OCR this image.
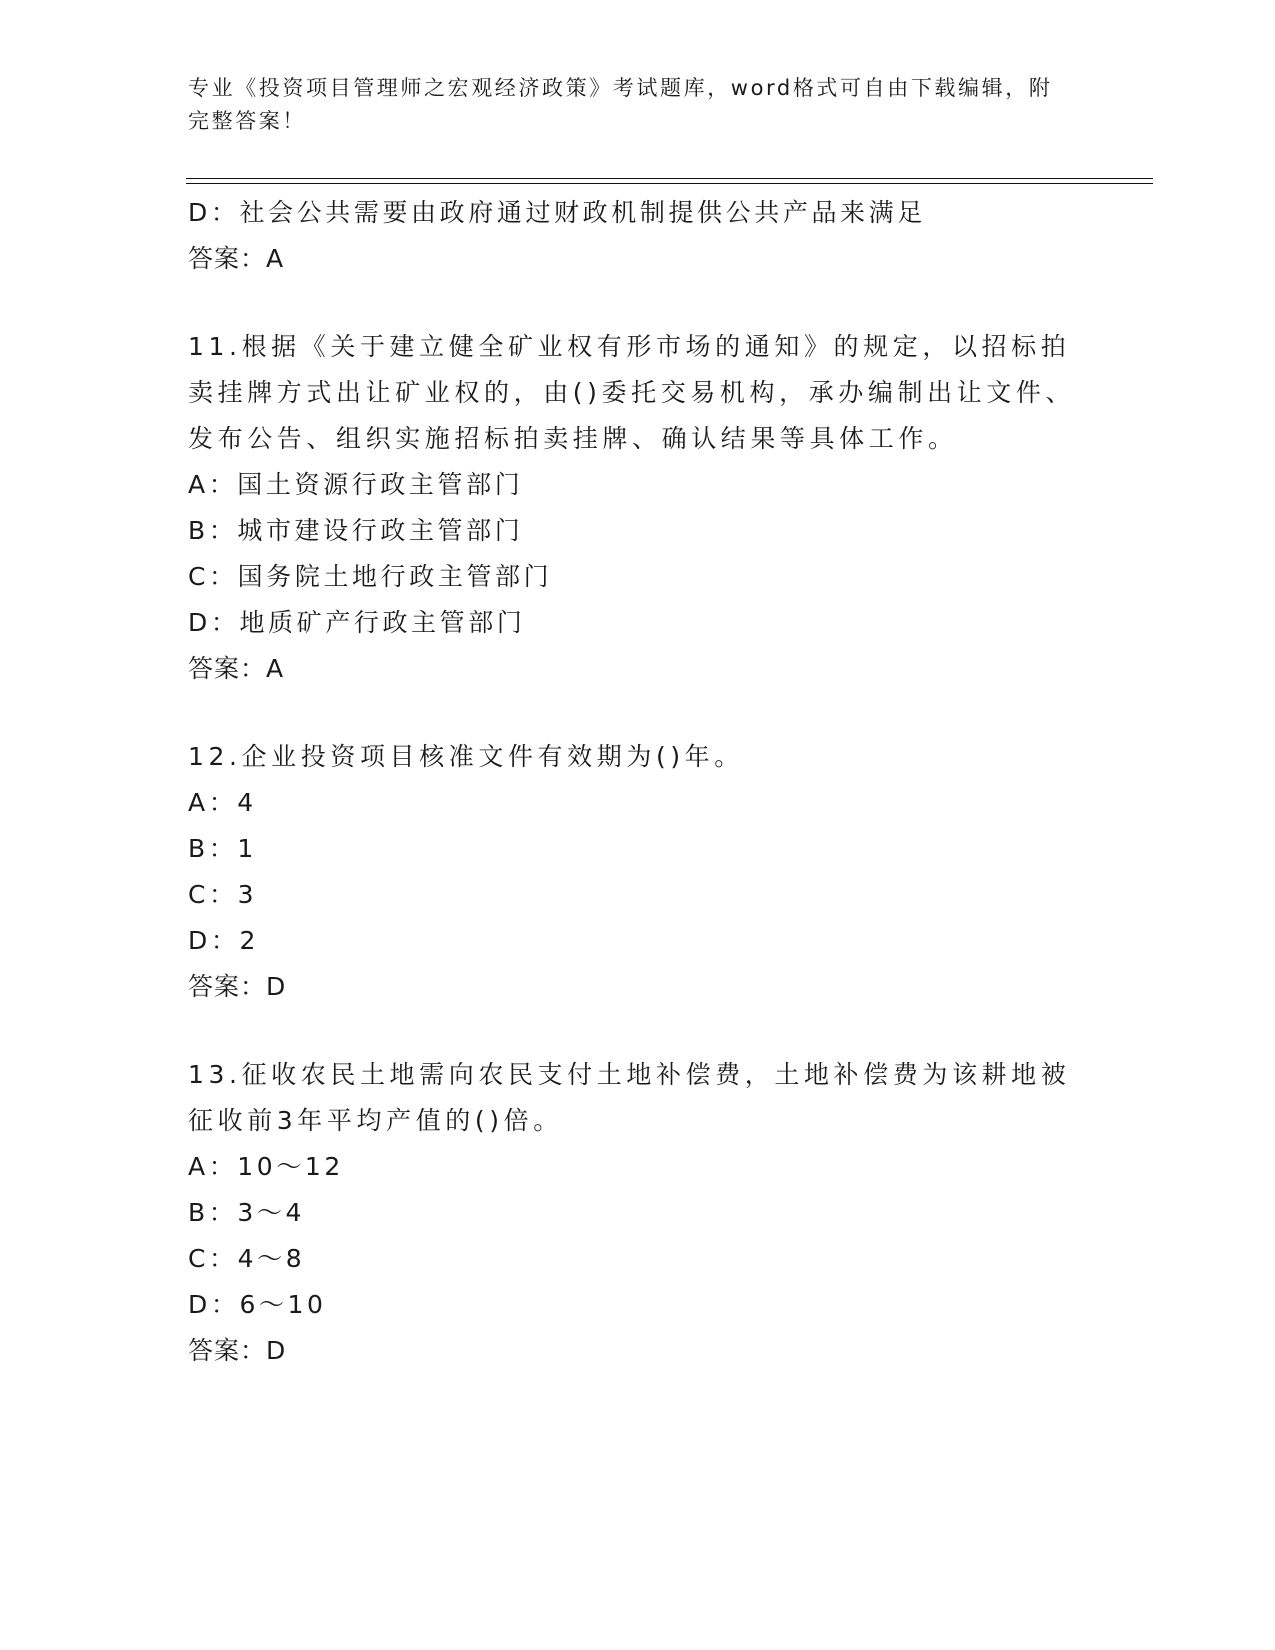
专业《投资项目管理师之宏观经济政策》考试题库，word格式可自由下载编辑，附完整答案！
D：社会公共需要由政府通过财政机制提供公共产品来满足
答案：A
11.根据《关于建立健全矿业权有形市场的通知》的规定，以招标拍卖挂牌方式出让矿业权的，由()委托交易机构，承办编制出让文件、发布公告、组织实施招标拍卖挂牌、确认结果等具体工作。
A：国土资源行政主管部门
B：城市建设行政主管部门
C：国务院土地行政主管部门
D：地质矿产行政主管部门
答案：A
12.企业投资项目核准文件有效期为()年。
A：4
B：1
C：3
D：2
答案：D
13.征收农民土地需向农民支付土地补偿费，土地补偿费为该耕地被征收前3年平均产值的()倍。
A：10～12
B：3～4
C：4～8
D：6～10
答案：D
